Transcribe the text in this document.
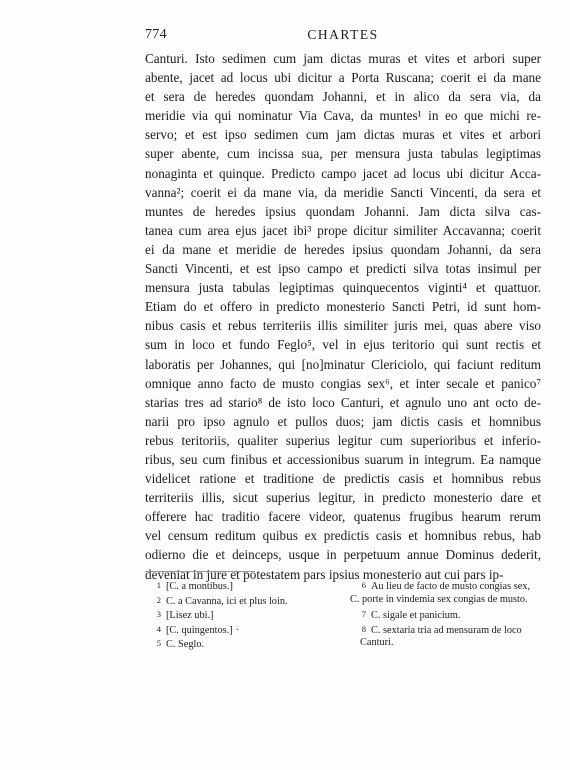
774	CHARTES
Canturi. Isto sedimen cum jam dictas muras et vites et arbori super
abente, jacet ad locus ubi dicitur a Porta Ruscana; coerit ei da mane
et sera de heredes quondam Johanni, et in alico da sera via, da
meridie via qui nominatur Via Cava, da muntes¹ in eo que michi re-
servo; et est ipso sedimen cum jam dictas muras et vites et arbori
super abente, cum incissa sua, per mensura justa tabulas legiptimas
nonaginta et quinque. Predicto campo jacet ad locus ubi dicitur Acca-
vanna²; coerit ei da mane via, da meridie Sancti Vincenti, da sera et
muntes de heredes ipsius quondam Johanni. Jam dicta silva cas-
tanea cum area ejus jacet ibi³ prope dicitur similiter Accavanna; coerit
ei da mane et meridie de heredes ipsius quondam Johanni, da sera
Sancti Vincenti, et est ipso campo et predicti silva totas insimul per
mensura justa tabulas legiptimas quinquecentos viginti⁴ et quattuor.
Etiam do et offero in predicto monesterio Sancti Petri, id sunt hom-
nibus casis et rebus territeriis illis similiter juris mei, quas abere viso
sum in loco et fundo Feglo⁵, vel in ejus teritorio qui sunt rectis et
laboratis per Johannes, qui [no]minatur Clericiolo, qui faciunt reditum
omnique anno facto de musto congias sex⁶, et inter secale et panico⁷
starias tres ad stario⁸ de isto loco Canturi, et agnulo uno ant octo de-
narii pro ipso agnulo et pullos duos; jam dictis casis et homnibus
rebus teritoriis, qualiter superius legitur cum superioribus et inferio-
ribus, seu cum finibus et accessionibus suarum in integrum. Ea namque
videlicet ratione et traditione de predictis casis et homnibus rebus
territeriis illis, sicut superius legitur, in predicto monesterio dare et
offerere hac traditio facere videor, quatenus frugibus hearum rerum
vel censum reditum quibus ex predictis casis et homnibus rebus, hab
odierno die et deinceps, usque in perpetuum annue Dominus dederit,
deveniat in jure et potestatem pars ipsius monesterio aut cui pars ip-
1 [C. a montibus.]
2 C. a Cavanna, ici et plus loin.
3 [Lisez ubi.]
4 [C. quingentos.] ·
5 C. Seglo.
6 Au lieu de facto de musto congias sex,
C. porte in vindemia sex congias de musto.
7 C. sigale et panicium.
8 C. sextaria tria ad mensuram de loco
Canturi.
